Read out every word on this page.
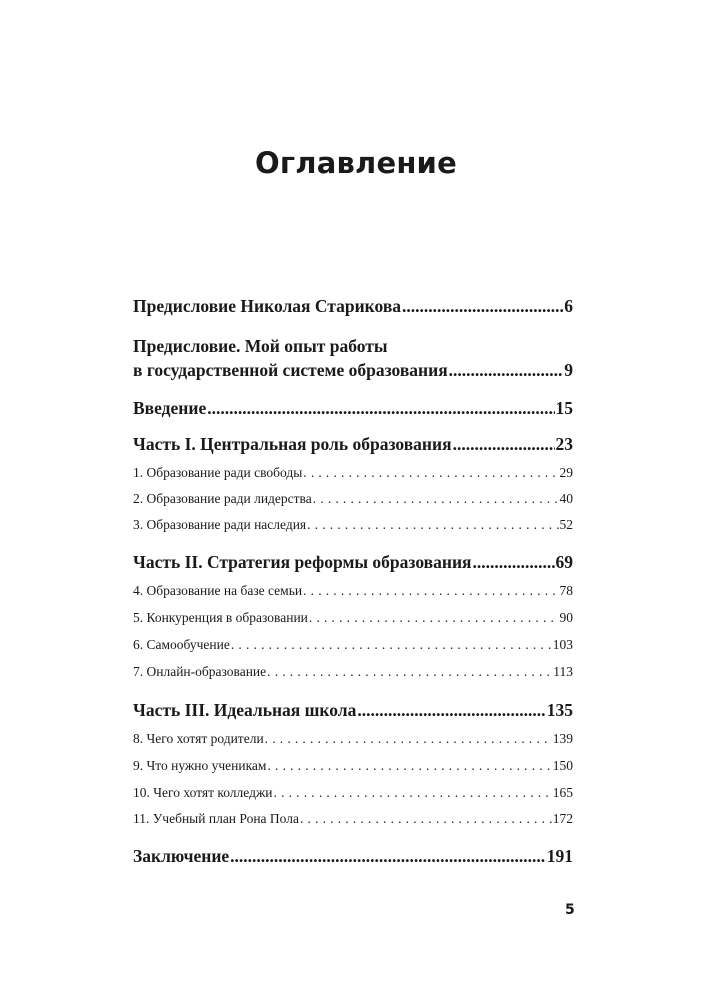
Оглавление
Предисловие Николая Старикова .....	6
Предисловие. Мой опыт работы
в государственной системе образования .....	9
Введение .....	15
Часть I. Центральная роль образования .....	23
1. Образование ради свободы . . .	29
2. Образование ради лидерства . . .	40
3. Образование ради наследия . . .	52
Часть II. Стратегия реформы образования .....	69
4. Образование на базе семьи . . .	78
5. Конкуренция в образовании . . .	90
6. Самообучение . . .	103
7. Онлайн-образование . . .	113
Часть III. Идеальная школа .....	135
8. Чего хотят родители . . .	139
9. Что нужно ученикам . . .	150
10. Чего хотят колледжи . . .	165
11. Учебный план Рона Пола . . .	172
Заключение .....	191
5
